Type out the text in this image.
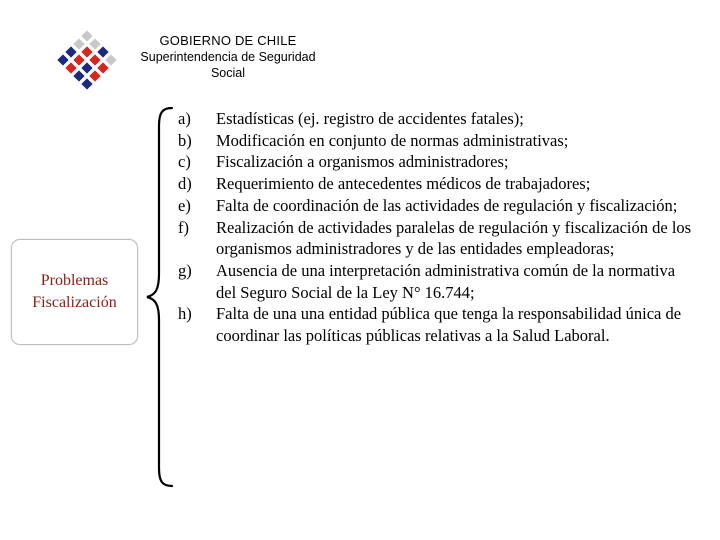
GOBIERNO DE CHILE
Superintendencia de Seguridad
Social
Problemas
Fiscalización
a)	Estadísticas (ej. registro de accidentes fatales);
b)	Modificación en conjunto de normas administrativas;
c)	Fiscalización a organismos administradores;
d)	Requerimiento de antecedentes médicos de trabajadores;
e)	Falta de coordinación de las actividades de regulación y fiscalización;
f)	Realización de actividades paralelas de regulación y fiscalización de los organismos administradores y de las entidades empleadoras;
g)	Ausencia de una interpretación administrativa común de la normativa del Seguro Social de la Ley N° 16.744;
h)	Falta de una una entidad pública que tenga la responsabilidad única de coordinar las políticas públicas relativas a la Salud Laboral.
